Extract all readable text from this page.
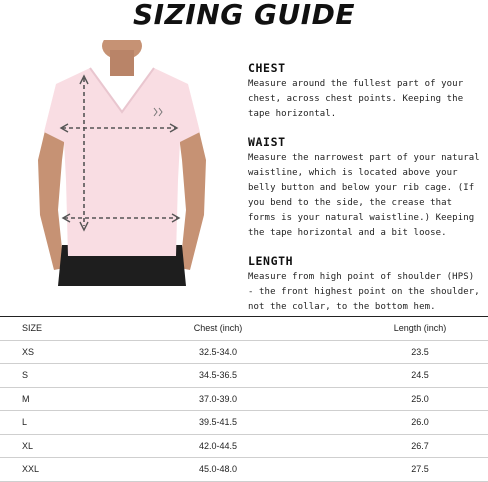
SIZING GUIDE
CHEST
Measure around the fullest part of your chest, across chest points. Keeping the tape horizontal.
WAIST
Measure the narrowest part of your natural waistline, which is located above your belly button and below your rib cage. (If you bend to the side, the crease that forms is your natural waistline.) Keeping the tape horizontal and a bit loose.
LENGTH
Measure from high point of shoulder (HPS) - the front highest point on the shoulder, not the collar, to the bottom hem.
SIZE	Chest (inch)	Length (inch)
XS	32.5-34.0	23.5
S	34.5-36.5	24.5
M	37.0-39.0	25.0
L	39.5-41.5	26.0
XL	42.0-44.5	26.7
XXL	45.0-48.0	27.5
